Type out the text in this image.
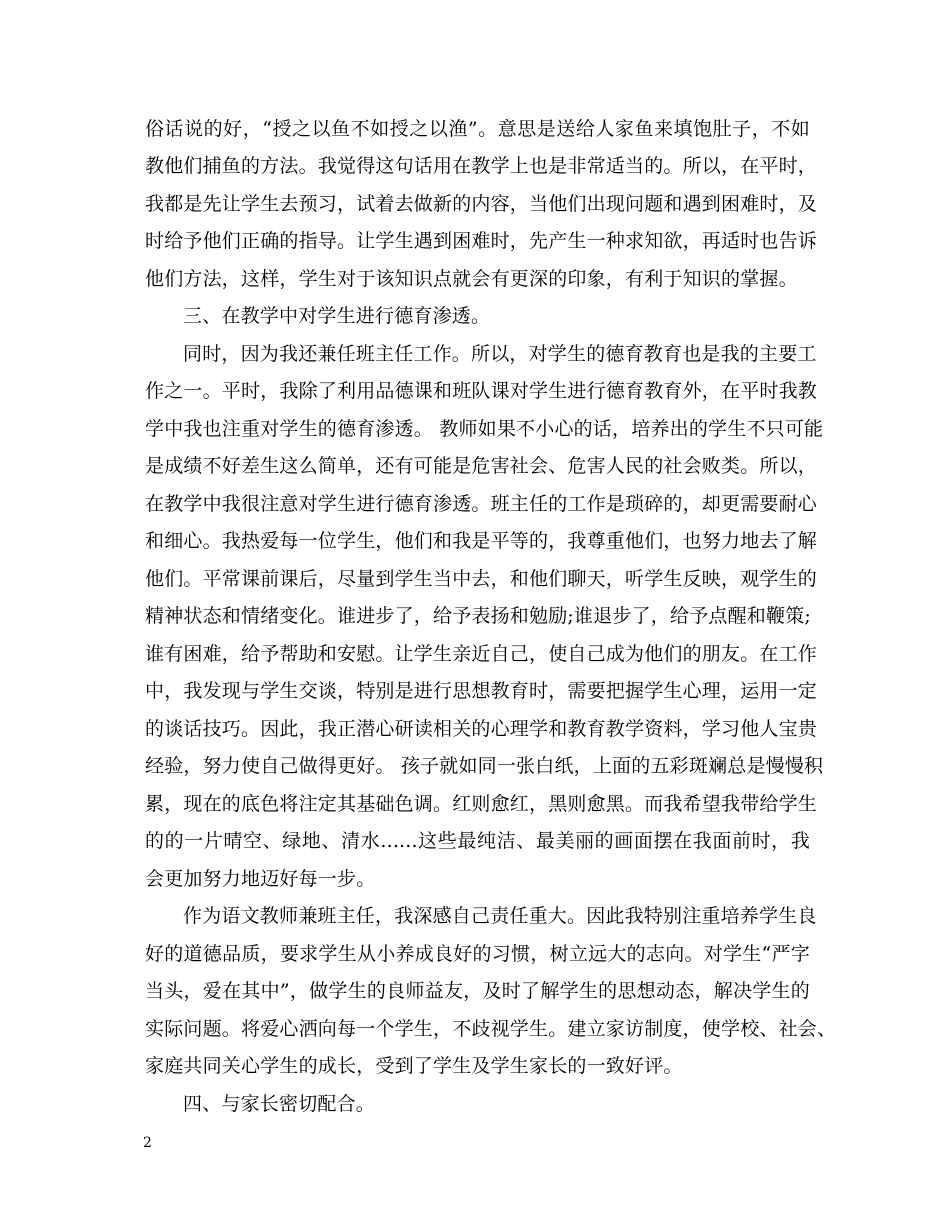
俗话说的好，“授之以鱼不如授之以渔”。意思是送给人家鱼来填饱肚子，不如
教他们捕鱼的方法。我觉得这句话用在教学上也是非常适当的。所以，在平时，
我都是先让学生去预习，试着去做新的内容，当他们出现问题和遇到困难时，及
时给予他们正确的指导。让学生遇到困难时，先产生一种求知欲，再适时也告诉
他们方法，这样，学生对于该知识点就会有更深的印象，有利于知识的掌握。
三、在教学中对学生进行德育渗透。
同时，因为我还兼任班主任工作。所以，对学生的德育教育也是我的主要工
作之一。平时，我除了利用品德课和班队课对学生进行德育教育外，在平时我教
学中我也注重对学生的德育渗透。 教师如果不小心的话，培养出的学生不只可能
是成绩不好差生这么简单，还有可能是危害社会、危害人民的社会败类。所以，
在教学中我很注意对学生进行德育渗透。班主任的工作是琐碎的，却更需要耐心
和细心。我热爱每一位学生，他们和我是平等的，我尊重他们，也努力地去了解
他们。平常课前课后，尽量到学生当中去，和他们聊天，听学生反映，观学生的
精神状态和情绪变化。谁进步了，给予表扬和勉励;谁退步了，给予点醒和鞭策;
谁有困难，给予帮助和安慰。让学生亲近自己，使自己成为他们的朋友。在工作
中，我发现与学生交谈，特别是进行思想教育时，需要把握学生心理，运用一定
的谈话技巧。因此，我正潜心研读相关的心理学和教育教学资料，学习他人宝贵
经验，努力使自己做得更好。 孩子就如同一张白纸，上面的五彩斑斓总是慢慢积
累，现在的底色将注定其基础色调。红则愈红，黑则愈黑。而我希望我带给学生
的的一片晴空、绿地、清水......这些最纯洁、最美丽的画面摆在我面前时，我
会更加努力地迈好每一步。
作为语文教师兼班主任，我深感自己责任重大。因此我特别注重培养学生良
好的道德品质，要求学生从小养成良好的习惯，树立远大的志向。对学生“严字
当头，爱在其中”，做学生的良师益友，及时了解学生的思想动态，解决学生的
实际问题。将爱心洒向每一个学生，不歧视学生。建立家访制度，使学校、社会、
家庭共同关心学生的成长，受到了学生及学生家长的一致好评。
四、与家长密切配合。
2
